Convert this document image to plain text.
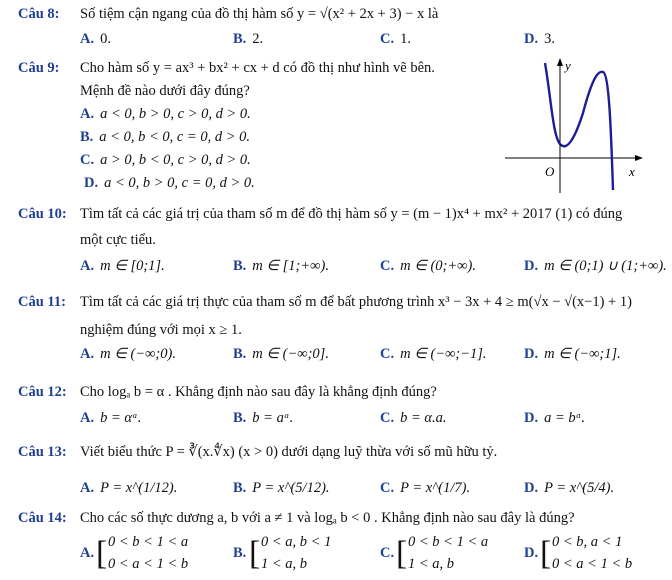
Câu 8: Số tiệm cận ngang của đồ thị hàm số y = √(x² + 2x + 3) − x là
A. 0.	B. 2.	C. 1.	D. 3.
Câu 9: Cho hàm số y = ax³ + bx² + cx + d có đồ thị như hình vẽ bên.
Mệnh đề nào dưới đây đúng?
A. a < 0, b > 0, c > 0, d > 0.
B. a < 0, b < 0, c = 0, d > 0.
C. a > 0, b < 0, c > 0, d > 0.
D. a < 0, b > 0, c = 0, d > 0.
y
x
O
Câu 10: Tìm tất cả các giá trị của tham số m để đồ thị hàm số y = (m − 1)x⁴ + mx² + 2017 (1) có đúng
một cực tiểu.
A. m ∈ [0;1].	B. m ∈ [1;+∞).	C. m ∈ (0;+∞).	D. m ∈ (0;1) ∪ (1;+∞).
Câu 11: Tìm tất cả các giá trị thực của tham số m để bất phương trình x³ − 3x + 4 ≥ m(√x − √(x−1) + 1)
nghiệm đúng với mọi x ≥ 1.
A. m ∈ (−∞;0).	B. m ∈ (−∞;0].	C. m ∈ (−∞;−1].	D. m ∈ (−∞;1].
Câu 12: Cho logₐ b = α . Khẳng định nào sau đây là khẳng định đúng?
A. b = αᵃ.	B. b = aᵅ.	C. b = α.a.	D. a = bᵅ.
Câu 13: Viết biểu thức P = ∛(x.∜x) (x > 0) dưới dạng luỹ thừa với số mũ hữu tỷ.
A. P = x^(1/12).	B. P = x^(5/12).	C. P = x^(1/7).	D. P = x^(5/4).
Câu 14: Cho các số thực dương a, b với a ≠ 1 và logₐ b < 0 . Khẳng định nào sau đây là đúng?
A. [ 0 < b < 1 < a
0 < a < 1 < b
B. [ 0 < a, b < 1
1 < a, b
C. [ 0 < b < 1 < a
1 < a, b
D. [ 0 < b, a < 1
0 < a < 1 < b
